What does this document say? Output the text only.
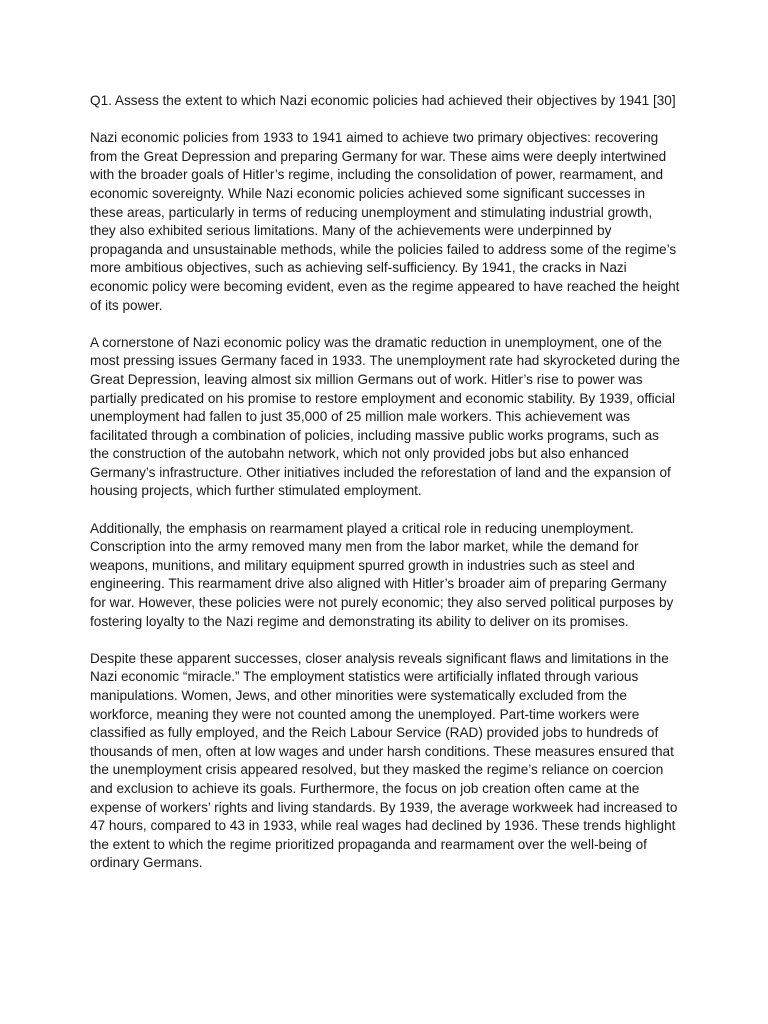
Q1. Assess the extent to which Nazi economic policies had achieved their objectives by 1941 [30]

Nazi economic policies from 1933 to 1941 aimed to achieve two primary objectives: recovering from the Great Depression and preparing Germany for war. These aims were deeply intertwined with the broader goals of Hitler’s regime, including the consolidation of power, rearmament, and economic sovereignty. While Nazi economic policies achieved some significant successes in these areas, particularly in terms of reducing unemployment and stimulating industrial growth, they also exhibited serious limitations. Many of the achievements were underpinned by propaganda and unsustainable methods, while the policies failed to address some of the regime’s more ambitious objectives, such as achieving self-sufficiency. By 1941, the cracks in Nazi economic policy were becoming evident, even as the regime appeared to have reached the height of its power.

A cornerstone of Nazi economic policy was the dramatic reduction in unemployment, one of the most pressing issues Germany faced in 1933. The unemployment rate had skyrocketed during the Great Depression, leaving almost six million Germans out of work. Hitler’s rise to power was partially predicated on his promise to restore employment and economic stability. By 1939, official unemployment had fallen to just 35,000 of 25 million male workers. This achievement was facilitated through a combination of policies, including massive public works programs, such as the construction of the autobahn network, which not only provided jobs but also enhanced Germany’s infrastructure. Other initiatives included the reforestation of land and the expansion of housing projects, which further stimulated employment.

Additionally, the emphasis on rearmament played a critical role in reducing unemployment. Conscription into the army removed many men from the labor market, while the demand for weapons, munitions, and military equipment spurred growth in industries such as steel and engineering. This rearmament drive also aligned with Hitler’s broader aim of preparing Germany for war. However, these policies were not purely economic; they also served political purposes by fostering loyalty to the Nazi regime and demonstrating its ability to deliver on its promises.

Despite these apparent successes, closer analysis reveals significant flaws and limitations in the Nazi economic “miracle.” The employment statistics were artificially inflated through various manipulations. Women, Jews, and other minorities were systematically excluded from the workforce, meaning they were not counted among the unemployed. Part-time workers were classified as fully employed, and the Reich Labour Service (RAD) provided jobs to hundreds of thousands of men, often at low wages and under harsh conditions. These measures ensured that the unemployment crisis appeared resolved, but they masked the regime’s reliance on coercion and exclusion to achieve its goals. Furthermore, the focus on job creation often came at the expense of workers’ rights and living standards. By 1939, the average workweek had increased to 47 hours, compared to 43 in 1933, while real wages had declined by 1936. These trends highlight the extent to which the regime prioritized propaganda and rearmament over the well-being of ordinary Germans.
